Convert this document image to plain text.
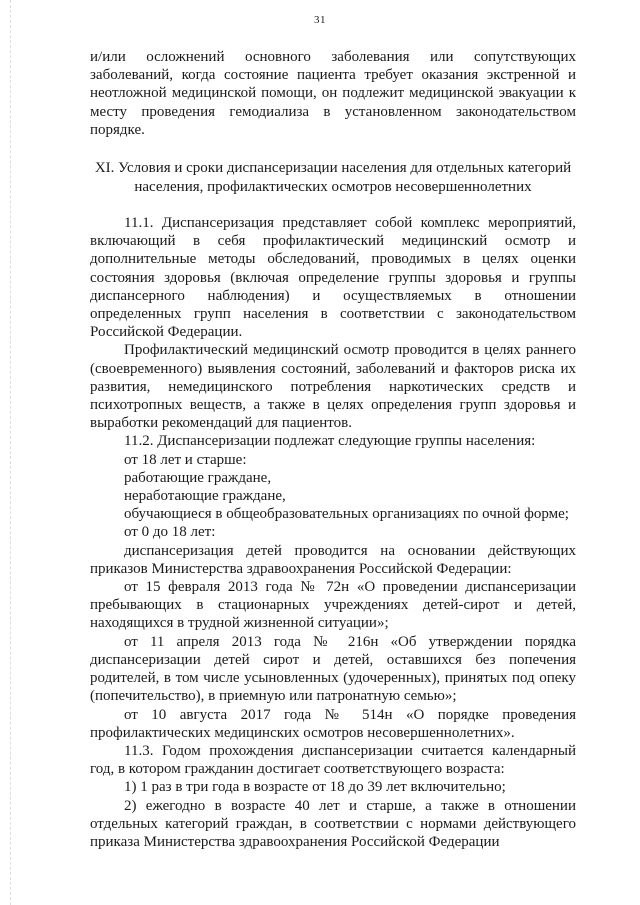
31

и/или осложнений основного заболевания или сопутствующих заболеваний, когда состояние пациента требует оказания экстренной и неотложной медицинской помощи, он подлежит медицинской эвакуации к месту проведения гемодиализа в установленном законодательством порядке.

XI. Условия и сроки диспансеризации населения для отдельных категорий
населения, профилактических осмотров несовершеннолетних

11.1. Диспансеризация представляет собой комплекс мероприятий, включающий в себя профилактический медицинский осмотр и дополнительные методы обследований, проводимых в целях оценки состояния здоровья (включая определение группы здоровья и группы диспансерного наблюдения) и осуществляемых в отношении определенных групп населения в соответствии с законодательством Российской Федерации.

Профилактический медицинский осмотр проводится в целях раннего (своевременного) выявления состояний, заболеваний и факторов риска их развития, немедицинского потребления наркотических средств и психотропных веществ, а также в целях определения групп здоровья и выработки рекомендаций для пациентов.

11.2. Диспансеризации подлежат следующие группы населения:

от 18 лет и старше:

работающие граждане,

неработающие граждане,

обучающиеся в общеобразовательных организациях по очной форме;

от 0 до 18 лет:

диспансеризация детей проводится на основании действующих приказов Министерства здравоохранения Российской Федерации:

от 15 февраля 2013 года № 72н «О проведении диспансеризации пребывающих в стационарных учреждениях детей-сирот и детей, находящихся в трудной жизненной ситуации»;

от 11 апреля 2013 года № 216н «Об утверждении порядка диспансеризации детей сирот и детей, оставшихся без попечения родителей, в том числе усыновленных (удочеренных), принятых под опеку (попечительство), в приемную или патронатную семью»;

от 10 августа 2017 года № 514н «О порядке проведения профилактических медицинских осмотров несовершеннолетних».

11.3. Годом прохождения диспансеризации считается календарный год, в котором гражданин достигает соответствующего возраста:

1) 1 раз в три года в возрасте от 18 до 39 лет включительно;

2) ежегодно в возрасте 40 лет и старше, а также в отношении отдельных категорий граждан, в соответствии с нормами действующего приказа Министерства здравоохранения Российской Федерации
